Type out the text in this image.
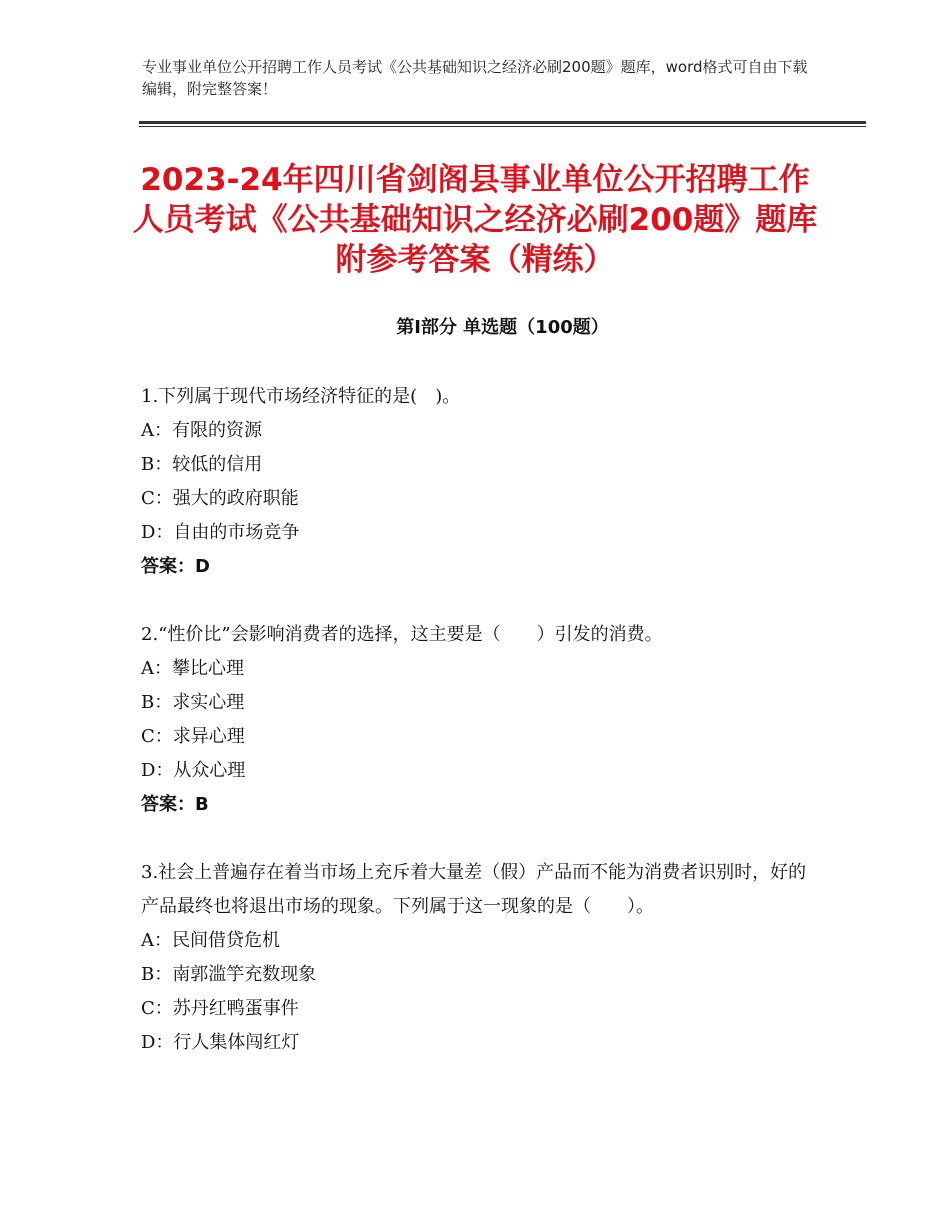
专业事业单位公开招聘工作人员考试《公共基础知识之经济必刷200题》题库，word格式可自由下载编辑，附完整答案！
2023-24年四川省剑阁县事业单位公开招聘工作人员考试《公共基础知识之经济必刷200题》题库附参考答案（精练）
第Ⅰ部分 单选题（100题）

1.下列属于现代市场经济特征的是(　)。

A：有限的资源

B：较低的信用

C：强大的政府职能

D：自由的市场竞争

答案：D

2.“性价比”会影响消费者的选择，这主要是（　　）引发的消费。

A：攀比心理

B：求实心理

C：求异心理

D：从众心理

答案：B

3.社会上普遍存在着当市场上充斥着大量差（假）产品而不能为消费者识别时，好的产品最终也将退出市场的现象。下列属于这一现象的是（　　）。

A：民间借贷危机

B：南郭滥竽充数现象

C：苏丹红鸭蛋事件

D：行人集体闯红灯
